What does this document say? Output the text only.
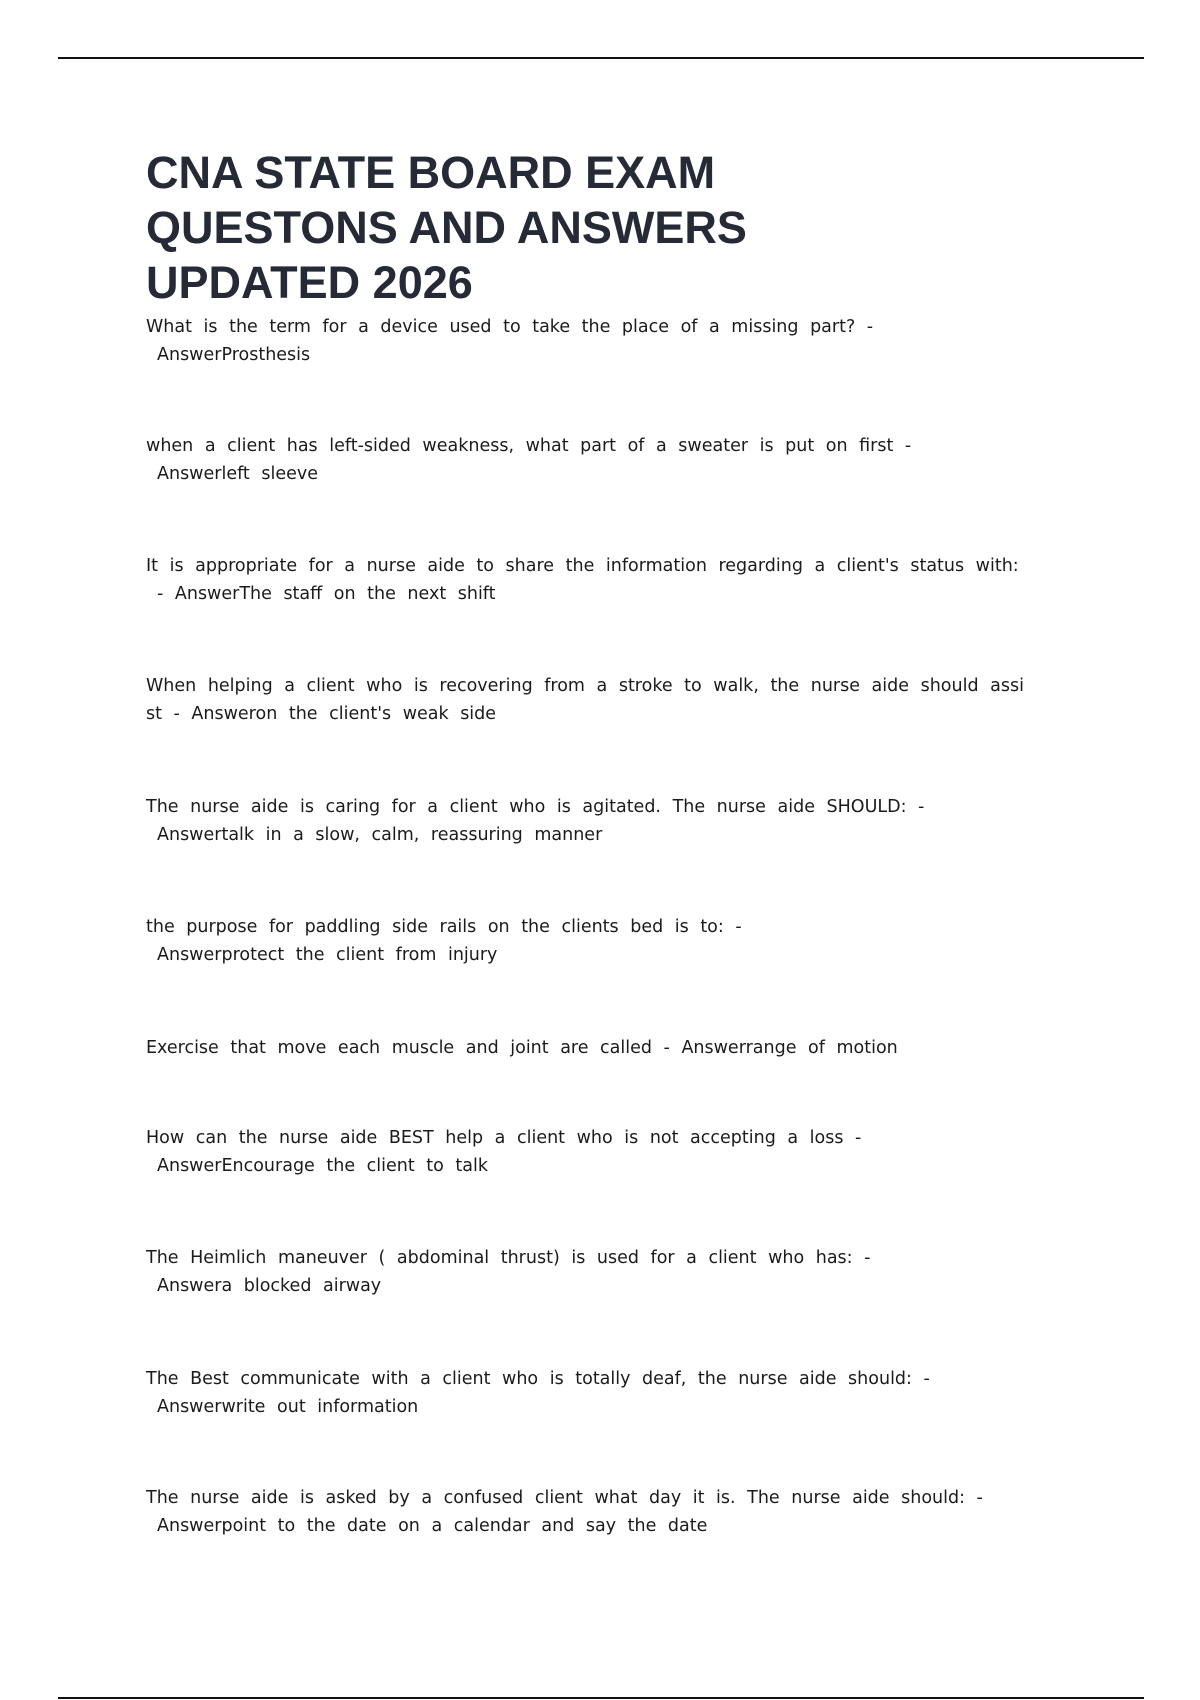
CNA STATE BOARD EXAM
QUESTONS AND ANSWERS
UPDATED 2026
What is the term for a device used to take the place of a missing part? -
AnswerProsthesis
when a client has left-sided weakness, what part of a sweater is put on first -
Answerleft sleeve
It is appropriate for a nurse aide to share the information regarding a client's status with:
- AnswerThe staff on the next shift
When helping a client who is recovering from a stroke to walk, the nurse aide should assi
st - Answeron the client's weak side
The nurse aide is caring for a client who is agitated. The nurse aide SHOULD: -
Answertalk in a slow, calm, reassuring manner
the purpose for paddling side rails on the clients bed is to: -
Answerprotect the client from injury
Exercise that move each muscle and joint are called - Answerrange of motion
How can the nurse aide BEST help a client who is not accepting a loss -
AnswerEncourage the client to talk
The Heimlich maneuver ( abdominal thrust) is used for a client who has: -
Answera blocked airway
The Best communicate with a client who is totally deaf, the nurse aide should: -
Answerwrite out information
The nurse aide is asked by a confused client what day it is. The nurse aide should: -
Answerpoint to the date on a calendar and say the date
